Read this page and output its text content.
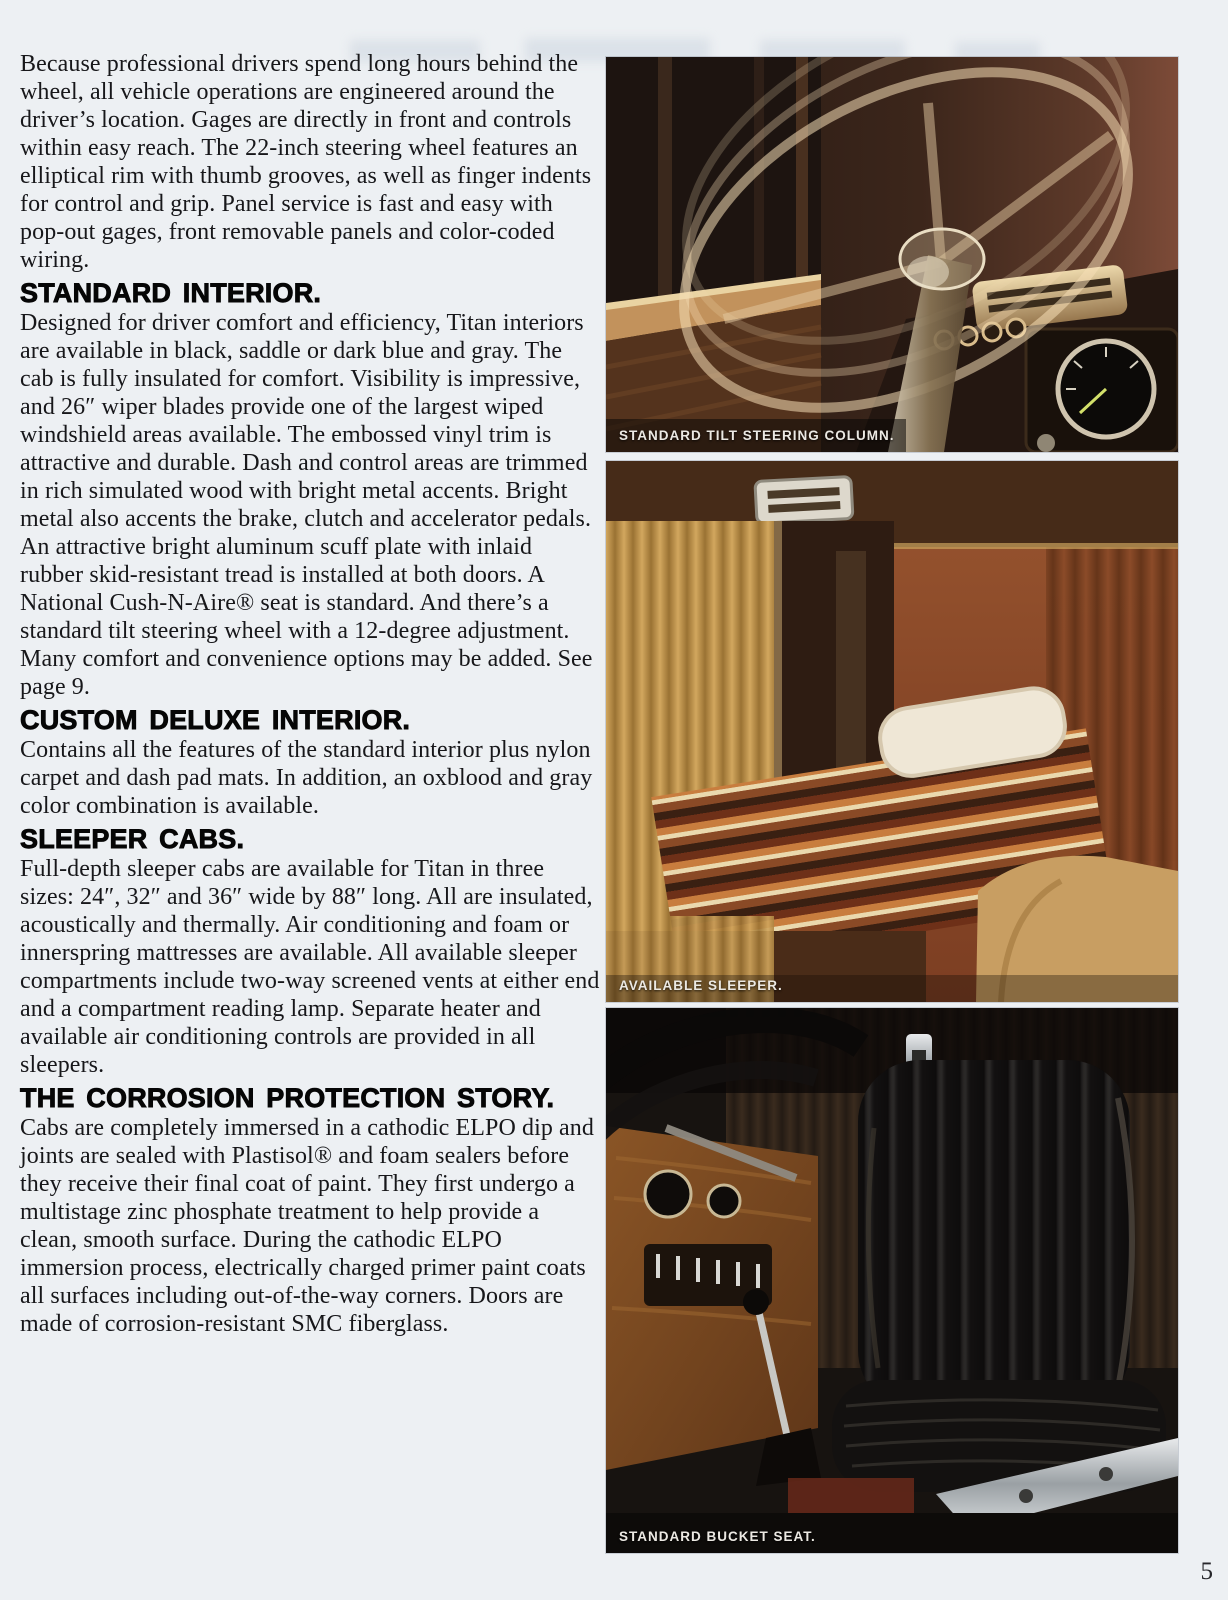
Because professional drivers spend long hours behind the wheel, all vehicle operations are engineered around the driver’s location. Gages are directly in front and controls within easy reach. The 22-inch steering wheel features an elliptical rim with thumb grooves, as well as finger indents for control and grip. Panel service is fast and easy with pop-out gages, front removable panels and color-coded wiring.

STANDARD INTERIOR.

Designed for driver comfort and efficiency, Titan interiors are available in black, saddle or dark blue and gray. The cab is fully insulated for comfort. Visibility is impressive, and 26″ wiper blades provide one of the largest wiped windshield areas available. The embossed vinyl trim is attractive and durable. Dash and control areas are trimmed in rich simulated wood with bright metal accents. Bright metal also accents the brake, clutch and accelerator pedals. An attractive bright aluminum scuff plate with inlaid rubber skid-resistant tread is installed at both doors. A National Cush-N-Aire® seat is standard. And there’s a standard tilt steering wheel with a 12-degree adjustment. Many comfort and convenience options may be added. See page 9.

CUSTOM DELUXE INTERIOR.

Contains all the features of the standard interior plus nylon carpet and dash pad mats. In addition, an oxblood and gray color combination is available.

SLEEPER CABS.

Full-depth sleeper cabs are available for Titan in three sizes: 24″, 32″ and 36″ wide by 88″ long. All are insulated, acoustically and thermally. Air conditioning and foam or innerspring mattresses are available. All available sleeper compartments include two-way screened vents at either end and a compartment reading lamp. Separate heater and available air conditioning controls are provided in all sleepers.

THE CORROSION PROTECTION STORY.

Cabs are completely immersed in a cathodic ELPO dip and joints are sealed with Plastisol® and foam sealers before they receive their final coat of paint. They first undergo a multistage zinc phosphate treatment to help provide a clean, smooth surface. During the cathodic ELPO immersion process, electrically charged primer paint coats all surfaces including out-of-the-way corners. Doors are made of corrosion-resistant SMC fiberglass.

STANDARD TILT STEERING COLUMN.
AVAILABLE SLEEPER.
STANDARD BUCKET SEAT.
5
